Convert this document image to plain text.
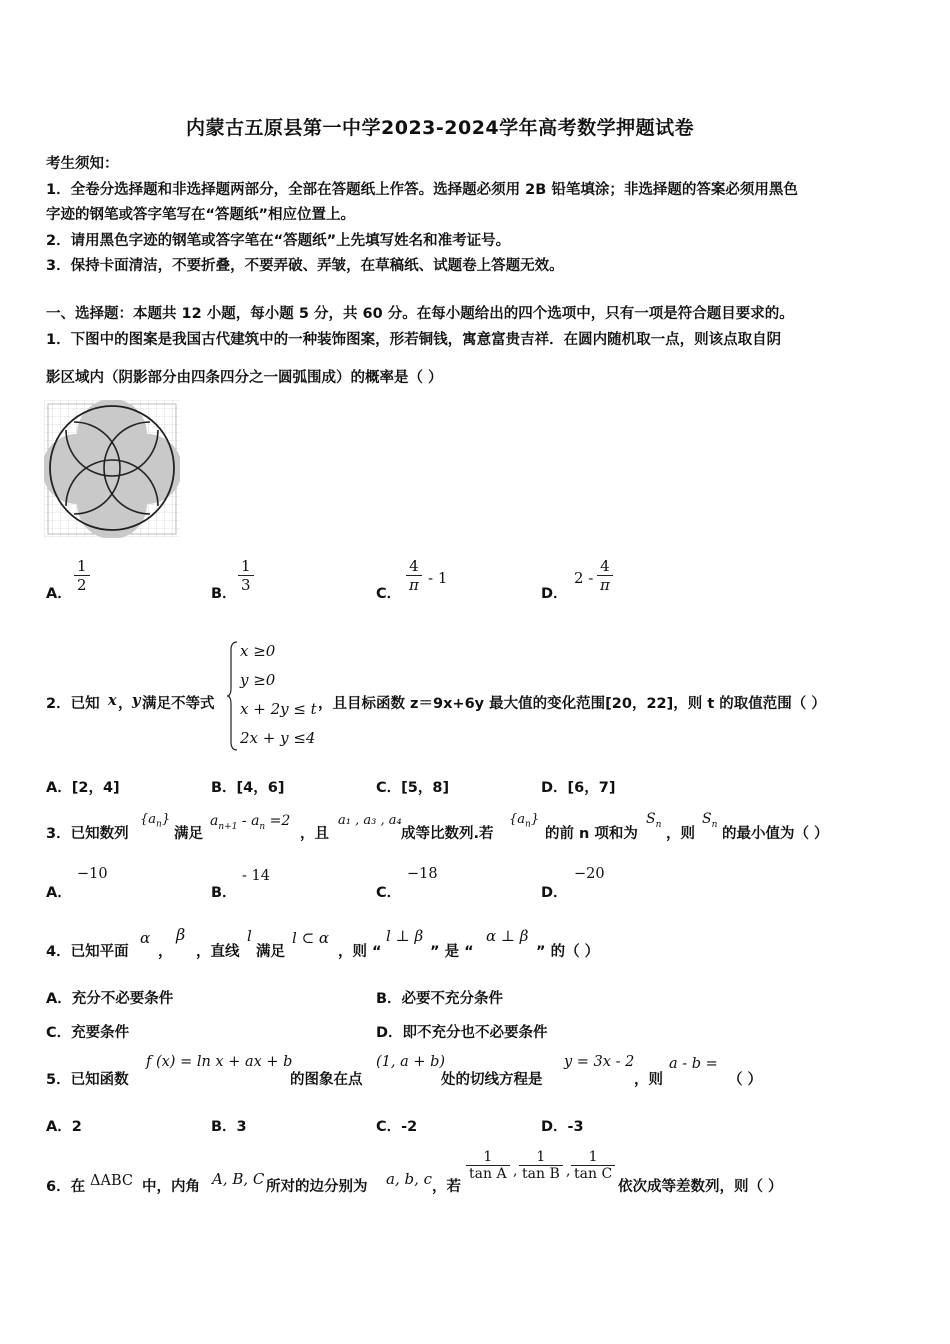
内蒙古五原县第一中学2023-2024学年高考数学押题试卷
考生须知：
1．全卷分选择题和非选择题两部分，全部在答题纸上作答。选择题必须用 2B 铅笔填涂；非选择题的答案必须用黑色
字迹的钢笔或答字笔写在“答题纸”相应位置上。
2．请用黑色字迹的钢笔或答字笔在“答题纸”上先填写姓名和准考证号。
3．保持卡面清洁，不要折叠，不要弄破、弄皱，在草稿纸、试题卷上答题无效。
一、选择题：本题共 12 小题，每小题 5 分，共 60 分。在每小题给出的四个选项中，只有一项是符合题目要求的。
1．下图中的图案是我国古代建筑中的一种装饰图案，形若铜钱，寓意富贵吉祥．在圆内随机取一点，则该点取自阴
影区域内（阴影部分由四条四分之一圆弧围成）的概率是（ ）
A． $\frac{1}{2}$	B． $\frac{1}{3}$	C． $\frac{4}{\pi} - 1$
D．
$2 - \frac{4}{\pi}$
2．已知 x ， y 满足不等式
x ≥0
y ≥0
x + 2y ≤ t
2x + y ≤4
，且目标函数 z＝9x+6y 最大值的变化范围[20，22]，则 t 的取值范围（ ）
A．[2，4]	B．[4，6]	C．[5，8]	D．[6，7]
3．已知数列
$\{a_n\}$
满足
$a_{n+1} - a_n =2$
，且
a₁ , a₃ , a₄
成等比数列.若
$\{a_n\}$
的前 n 项和为
$S_n$
，则
$S_n$
的最小值为（ ）
A．
−10
B．
- 14
C．
−18
D．
−20
4．已知平面
α
，
β
，直线
l
满足
l ⊂ α
，则 “
l ⊥ β
” 是 “
α ⊥ β
” 的（ ）
A．充分不必要条件	B．必要不充分条件
C．充要条件	D．即不充分也不必要条件
5．已知函数
f (x) = ln x + ax + b
的图象在点
(1, a + b)
处的切线方程是
y = 3x - 2
，则
a - b =
（ ）
A．2	B．3	C．-2	D．-3
6．在 ΔABC 中，内角 A, B, C 所对的边分别为 a, b, c ，若
$\frac{1}{\text{tan A}}$ , $\frac{1}{\text{tan B}}$ , $\frac{1}{\text{tan C}}$
依次成等差数列，则（ ）
